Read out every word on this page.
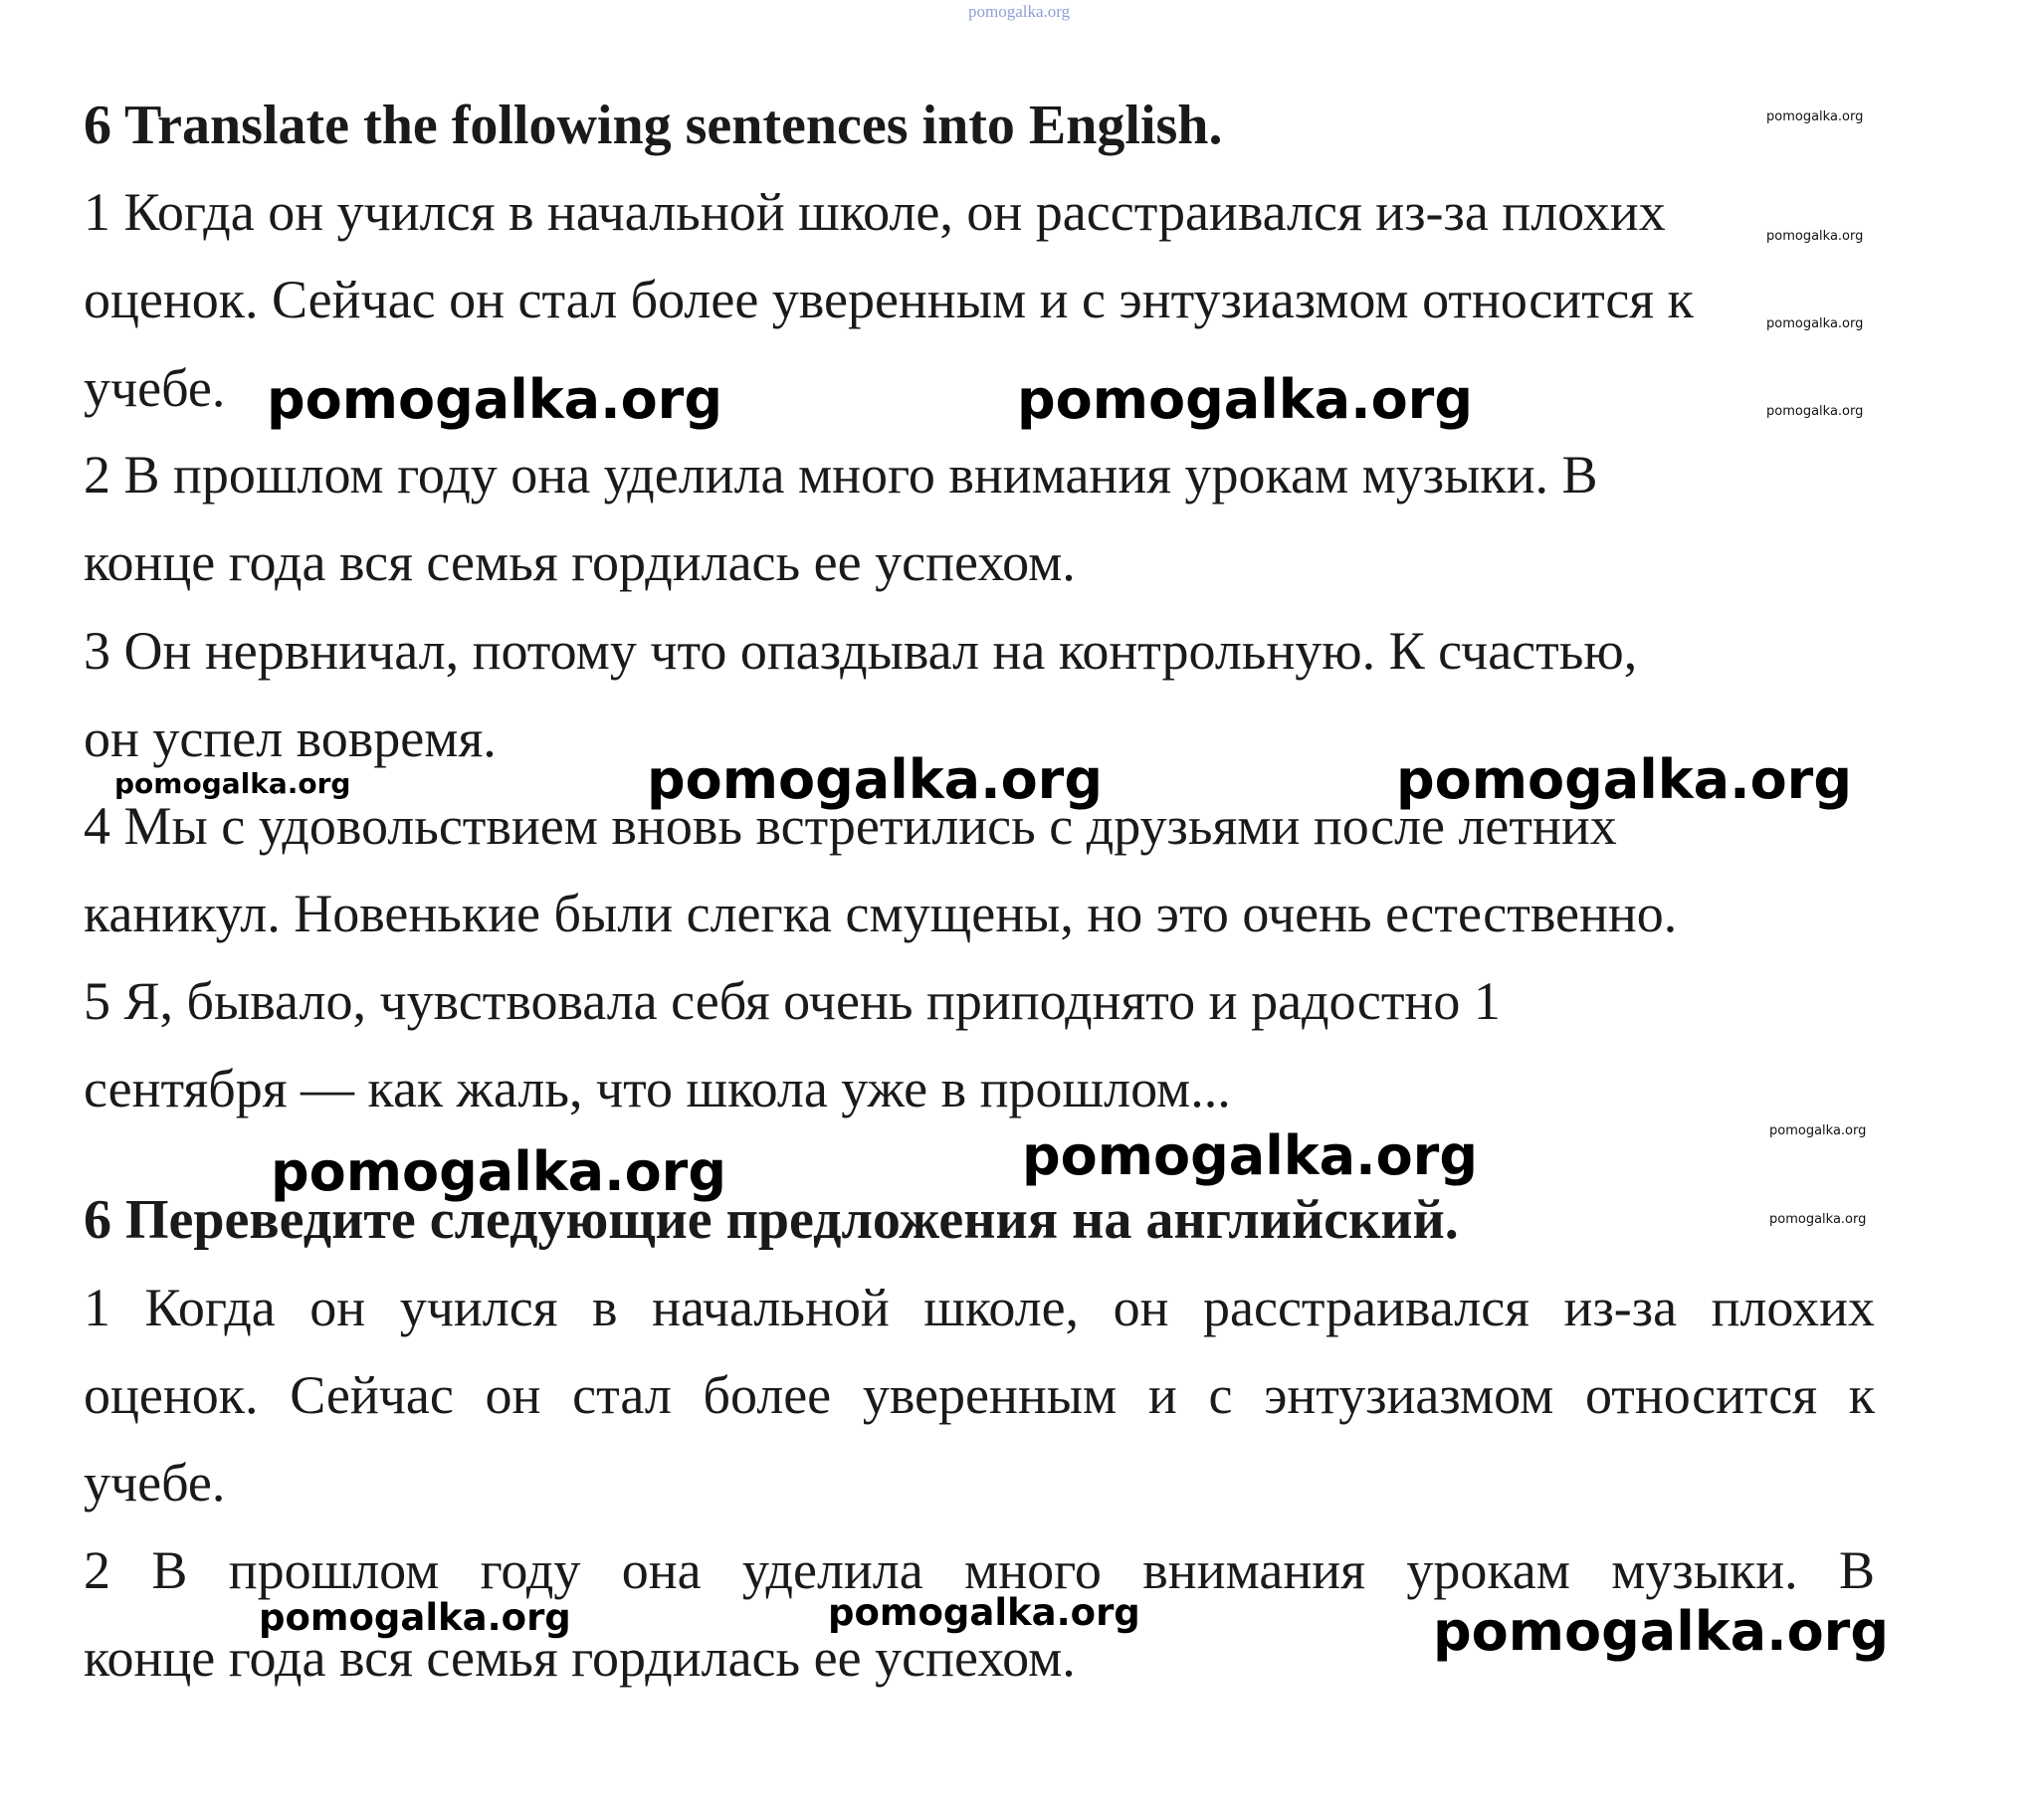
pomogalka.org
6 Translate the following sentences into English.
1 Когда он учился в начальной школе, он расстраивался из-за плохих
оценок. Сейчас он стал более уверенным и с энтузиазмом относится к
учебе.
2 В прошлом году она уделила много внимания урокам музыки. В
конце года вся семья гордилась ее успехом.
3 Он нервничал, потому что опаздывал на контрольную. К счастью,
он успел вовремя.
4 Мы с удовольствием вновь встретились с друзьями после летних
каникул. Новенькие были слегка смущены, но это очень естественно.
5 Я, бывало, чувствовала себя очень приподнято и радостно 1
сентября — как жаль, что школа уже в прошлом...
6 Переведите следующие предложения на английский.
1 Когда он учился в начальной школе, он расстраивался из-за плохих
оценок. Сейчас он стал более уверенным и с энтузиазмом относится к
учебе.
2 В прошлом году она уделила много внимания урокам музыки. В
конце года вся семья гордилась ее успехом.
pomogalka.org
pomogalka.org
pomogalka.org
pomogalka.org
pomogalka.org
pomogalka.org
pomogalka.org
pomogalka.org	pomogalka.org
pomogalka.org	pomogalka.org
pomogalka.org	pomogalka.org
pomogalka.org	pomogalka.org
pomogalka.org
